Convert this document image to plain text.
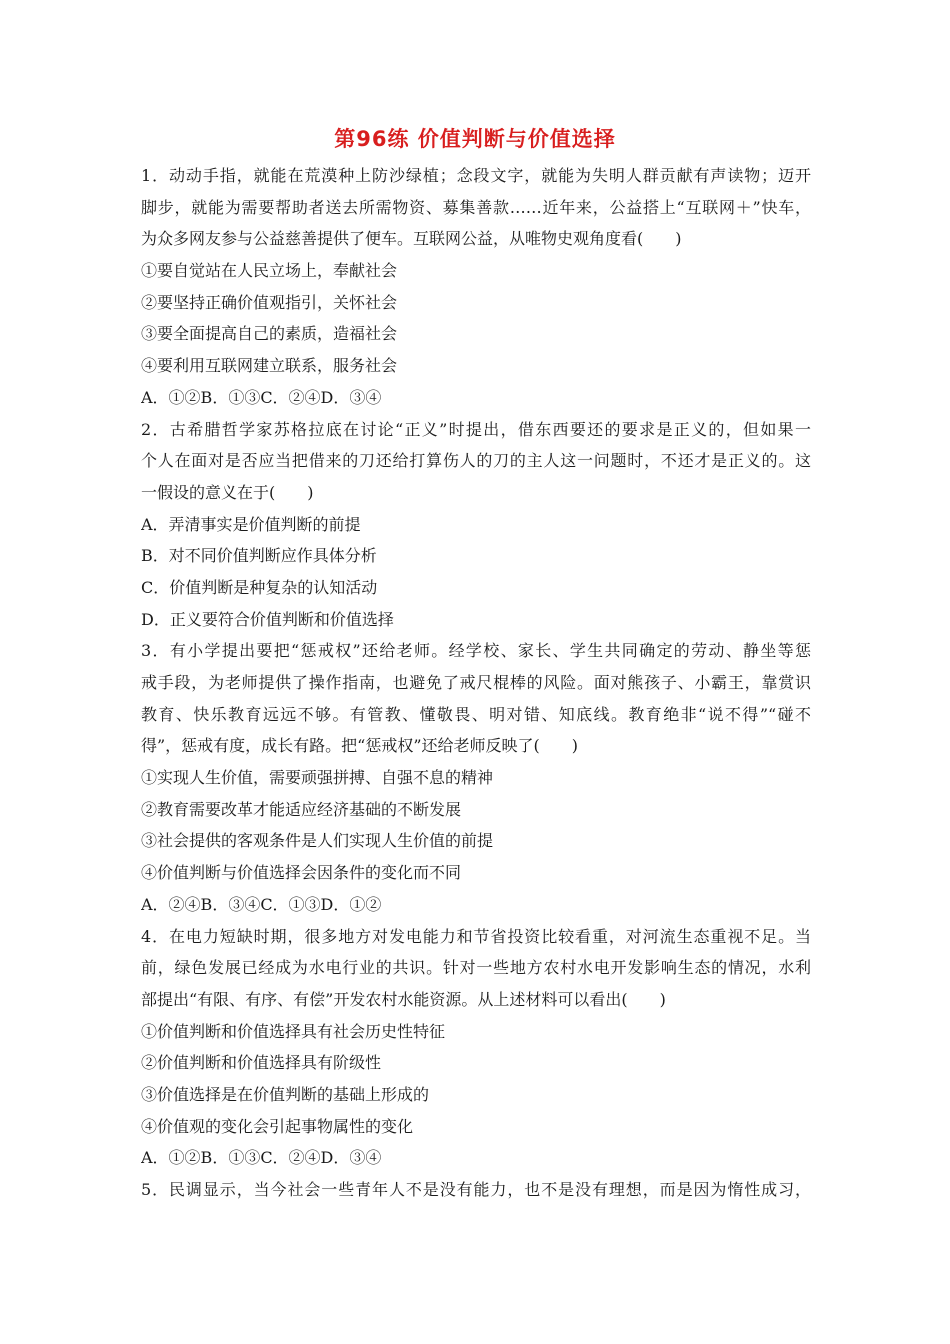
第96练 价值判断与价值选择
1．动动手指，就能在荒漠种上防沙绿植；念段文字，就能为失明人群贡献有声读物；迈开
脚步，就能为需要帮助者送去所需物资、募集善款……近年来，公益搭上“互联网＋”快车，
为众多网友参与公益慈善提供了便车。互联网公益，从唯物史观角度看(　　)
①要自觉站在人民立场上，奉献社会
②要坚持正确价值观指引，关怀社会
③要全面提高自己的素质，造福社会
④要利用互联网建立联系，服务社会
A．①②B．①③C．②④D．③④
2．古希腊哲学家苏格拉底在讨论“正义”时提出，借东西要还的要求是正义的，但如果一
个人在面对是否应当把借来的刀还给打算伤人的刀的主人这一问题时，不还才是正义的。这
一假设的意义在于(　　)
A．弄清事实是价值判断的前提
B．对不同价值判断应作具体分析
C．价值判断是种复杂的认知活动
D．正义要符合价值判断和价值选择
3．有小学提出要把“惩戒权”还给老师。经学校、家长、学生共同确定的劳动、静坐等惩
戒手段，为老师提供了操作指南，也避免了戒尺棍棒的风险。面对熊孩子、小霸王，靠赏识
教育、快乐教育远远不够。有管教、懂敬畏、明对错、知底线。教育绝非“说不得”“碰不
得”，惩戒有度，成长有路。把“惩戒权”还给老师反映了(　　)
①实现人生价值，需要顽强拼搏、自强不息的精神
②教育需要改革才能适应经济基础的不断发展
③社会提供的客观条件是人们实现人生价值的前提
④价值判断与价值选择会因条件的变化而不同
A．②④B．③④C．①③D．①②
4．在电力短缺时期，很多地方对发电能力和节省投资比较看重，对河流生态重视不足。当
前，绿色发展已经成为水电行业的共识。针对一些地方农村水电开发影响生态的情况，水利
部提出“有限、有序、有偿”开发农村水能资源。从上述材料可以看出(　　)
①价值判断和价值选择具有社会历史性特征
②价值判断和价值选择具有阶级性
③价值选择是在价值判断的基础上形成的
④价值观的变化会引起事物属性的变化
A．①②B．①③C．②④D．③④
5．民调显示，当今社会一些青年人不是没有能力，也不是没有理想，而是因为惰性成习，
